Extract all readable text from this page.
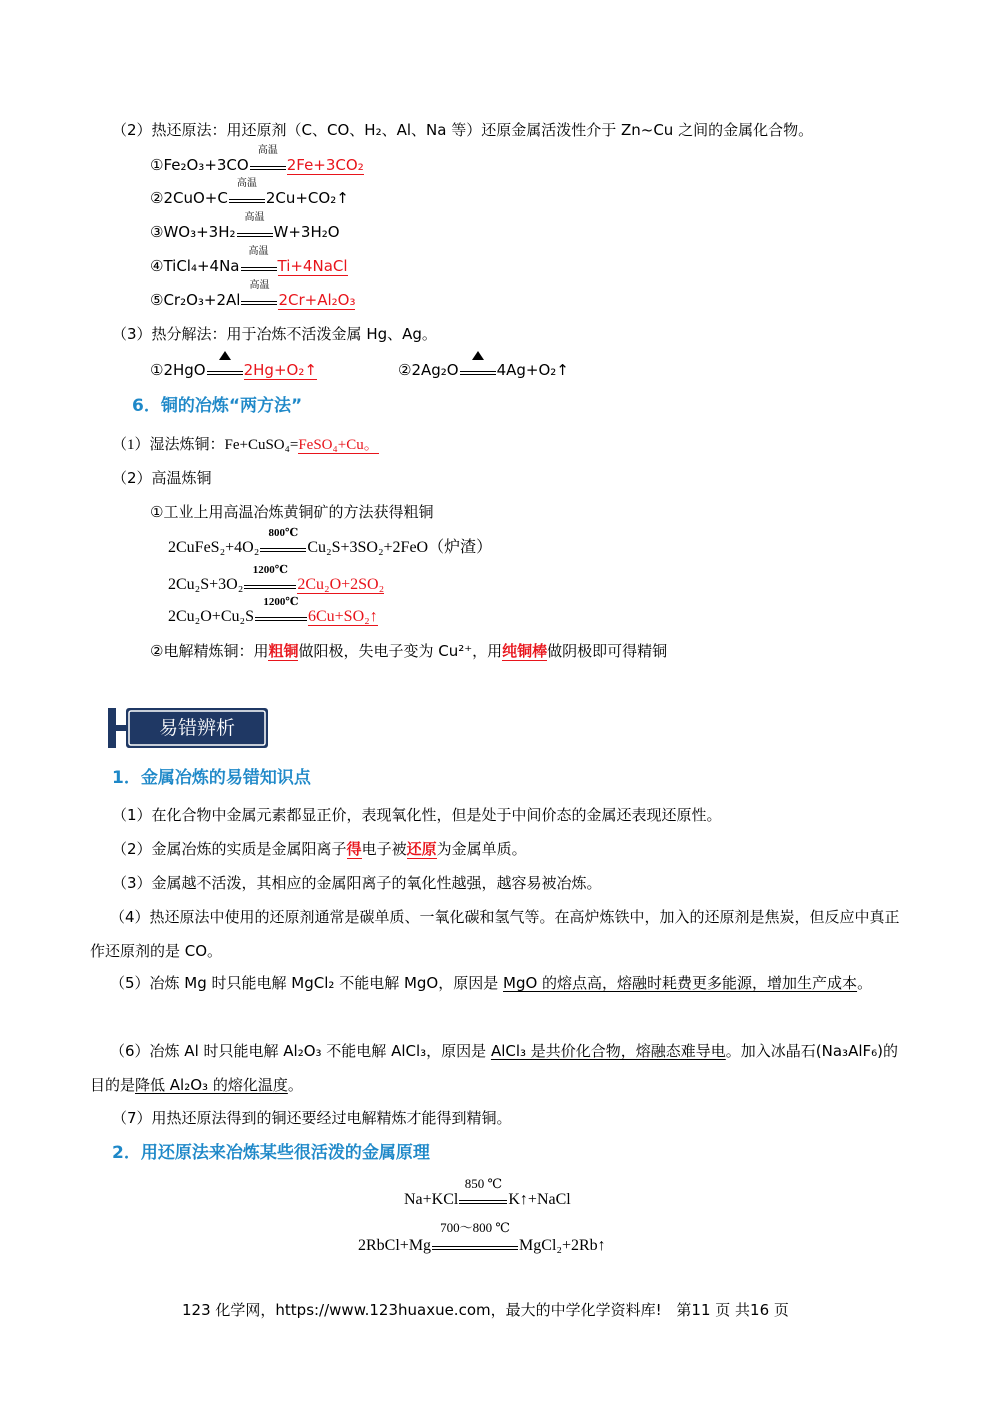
（2）热还原法：用还原剂（C、CO、H₂、Al、Na 等）还原金属活泼性介于 Zn~Cu 之间的金属化合物。
①Fe₂O₃+3CO
高温
2Fe+3CO₂
②2CuO+C
高温
2Cu+CO₂↑
③WO₃+3H₂
高温
W+3H₂O
④TiCl₄+4Na
高温
Ti+4NaCl
⑤Cr₂O₃+2Al
高温
2Cr+Al₂O₃
（3）热分解法：用于冶炼不活泼金属 Hg、Ag。
①2HgO	2Hg+O₂↑	②2Ag₂O	4Ag+O₂↑
6．铜的冶炼“两方法”
（1）湿法炼铜：Fe+CuSO₄=FeSO₄+Cu。
（2）高温炼铜
①工业上用高温冶炼黄铜矿的方法获得粗铜
2CuFeS₂+4O₂
800℃
Cu₂S+3SO₂+2FeO（炉渣）
2Cu₂S+3O₂
1200℃
2Cu₂O+2SO₂
2Cu₂O+Cu₂S
1200℃
6Cu+SO₂↑
②电解精炼铜：用粗铜做阳极，失电子变为 Cu²⁺，用纯铜棒做阴极即可得精铜
易错辨析
1．金属冶炼的易错知识点
（1）在化合物中金属元素都显正价，表现氧化性，但是处于中间价态的金属还表现还原性。
（2）金属冶炼的实质是金属阳离子得电子被还原为金属单质。
（3）金属越不活泼，其相应的金属阳离子的氧化性越强，越容易被冶炼。
（4）热还原法中使用的还原剂通常是碳单质、一氧化碳和氢气等。在高炉炼铁中，加入的还原剂是焦炭，但反应中真正作还原剂的是 CO。
（5）冶炼 Mg 时只能电解 MgCl₂ 不能电解 MgO，原因是 MgO 的熔点高，熔融时耗费更多能源，增加生产成本。
（6）冶炼 Al 时只能电解 Al₂O₃ 不能电解 AlCl₃，原因是 AlCl₃ 是共价化合物，熔融态难导电。加入冰晶石(Na₃AlF₆)的目的是降低 Al₂O₃ 的熔化温度。
（7）用热还原法得到的铜还要经过电解精炼才能得到精铜。
2．用还原法来冶炼某些很活泼的金属原理
Na+KCl
850 ℃
K↑+NaCl
2RbCl+Mg
700～800 ℃
MgCl₂+2Rb↑
123 化学网，https://www.123huaxue.com，最大的中学化学资料库! 第11 页 共16 页
